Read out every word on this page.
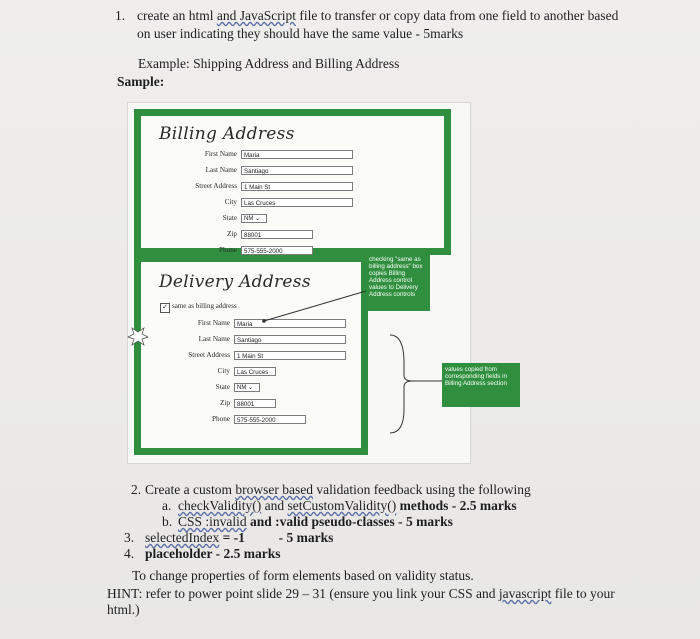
1. create an html and JavaScript file to transfer or copy data from one field to another based
on user indicating they should have the same value - 5marks
Example: Shipping Address and Billing Address
Sample:
Billing Address
First Name	Maria
Last Name	Santiago
Street Address	1 Main St
City	Las Cruces
State	NM ⌄
Zip	88001
Phone	575-555-2000
Delivery Address
✓ same as billing address
First Name	Maria
Last Name	Santiago
Street Address	1 Main St
City	Las Cruces
State	NM ⌄
Zip	88001
Phone	575-555-2000
checking "same as billing address" box copies Billing Address control values to Delivery Address controls
values copied from corresponding fields in Billing Address section
2. Create a custom browser based validation feedback using the following
a. checkValidity() and setCustomValidity() methods - 2.5 marks
b. CSS :invalid and :valid pseudo-classes - 5 marks
3. selectedIndex = -1          - 5 marks
4. placeholder - 2.5 marks
To change properties of form elements based on validity status.
HINT: refer to power point slide 29 – 31 (ensure you link your CSS and javascript file to your
html.)
